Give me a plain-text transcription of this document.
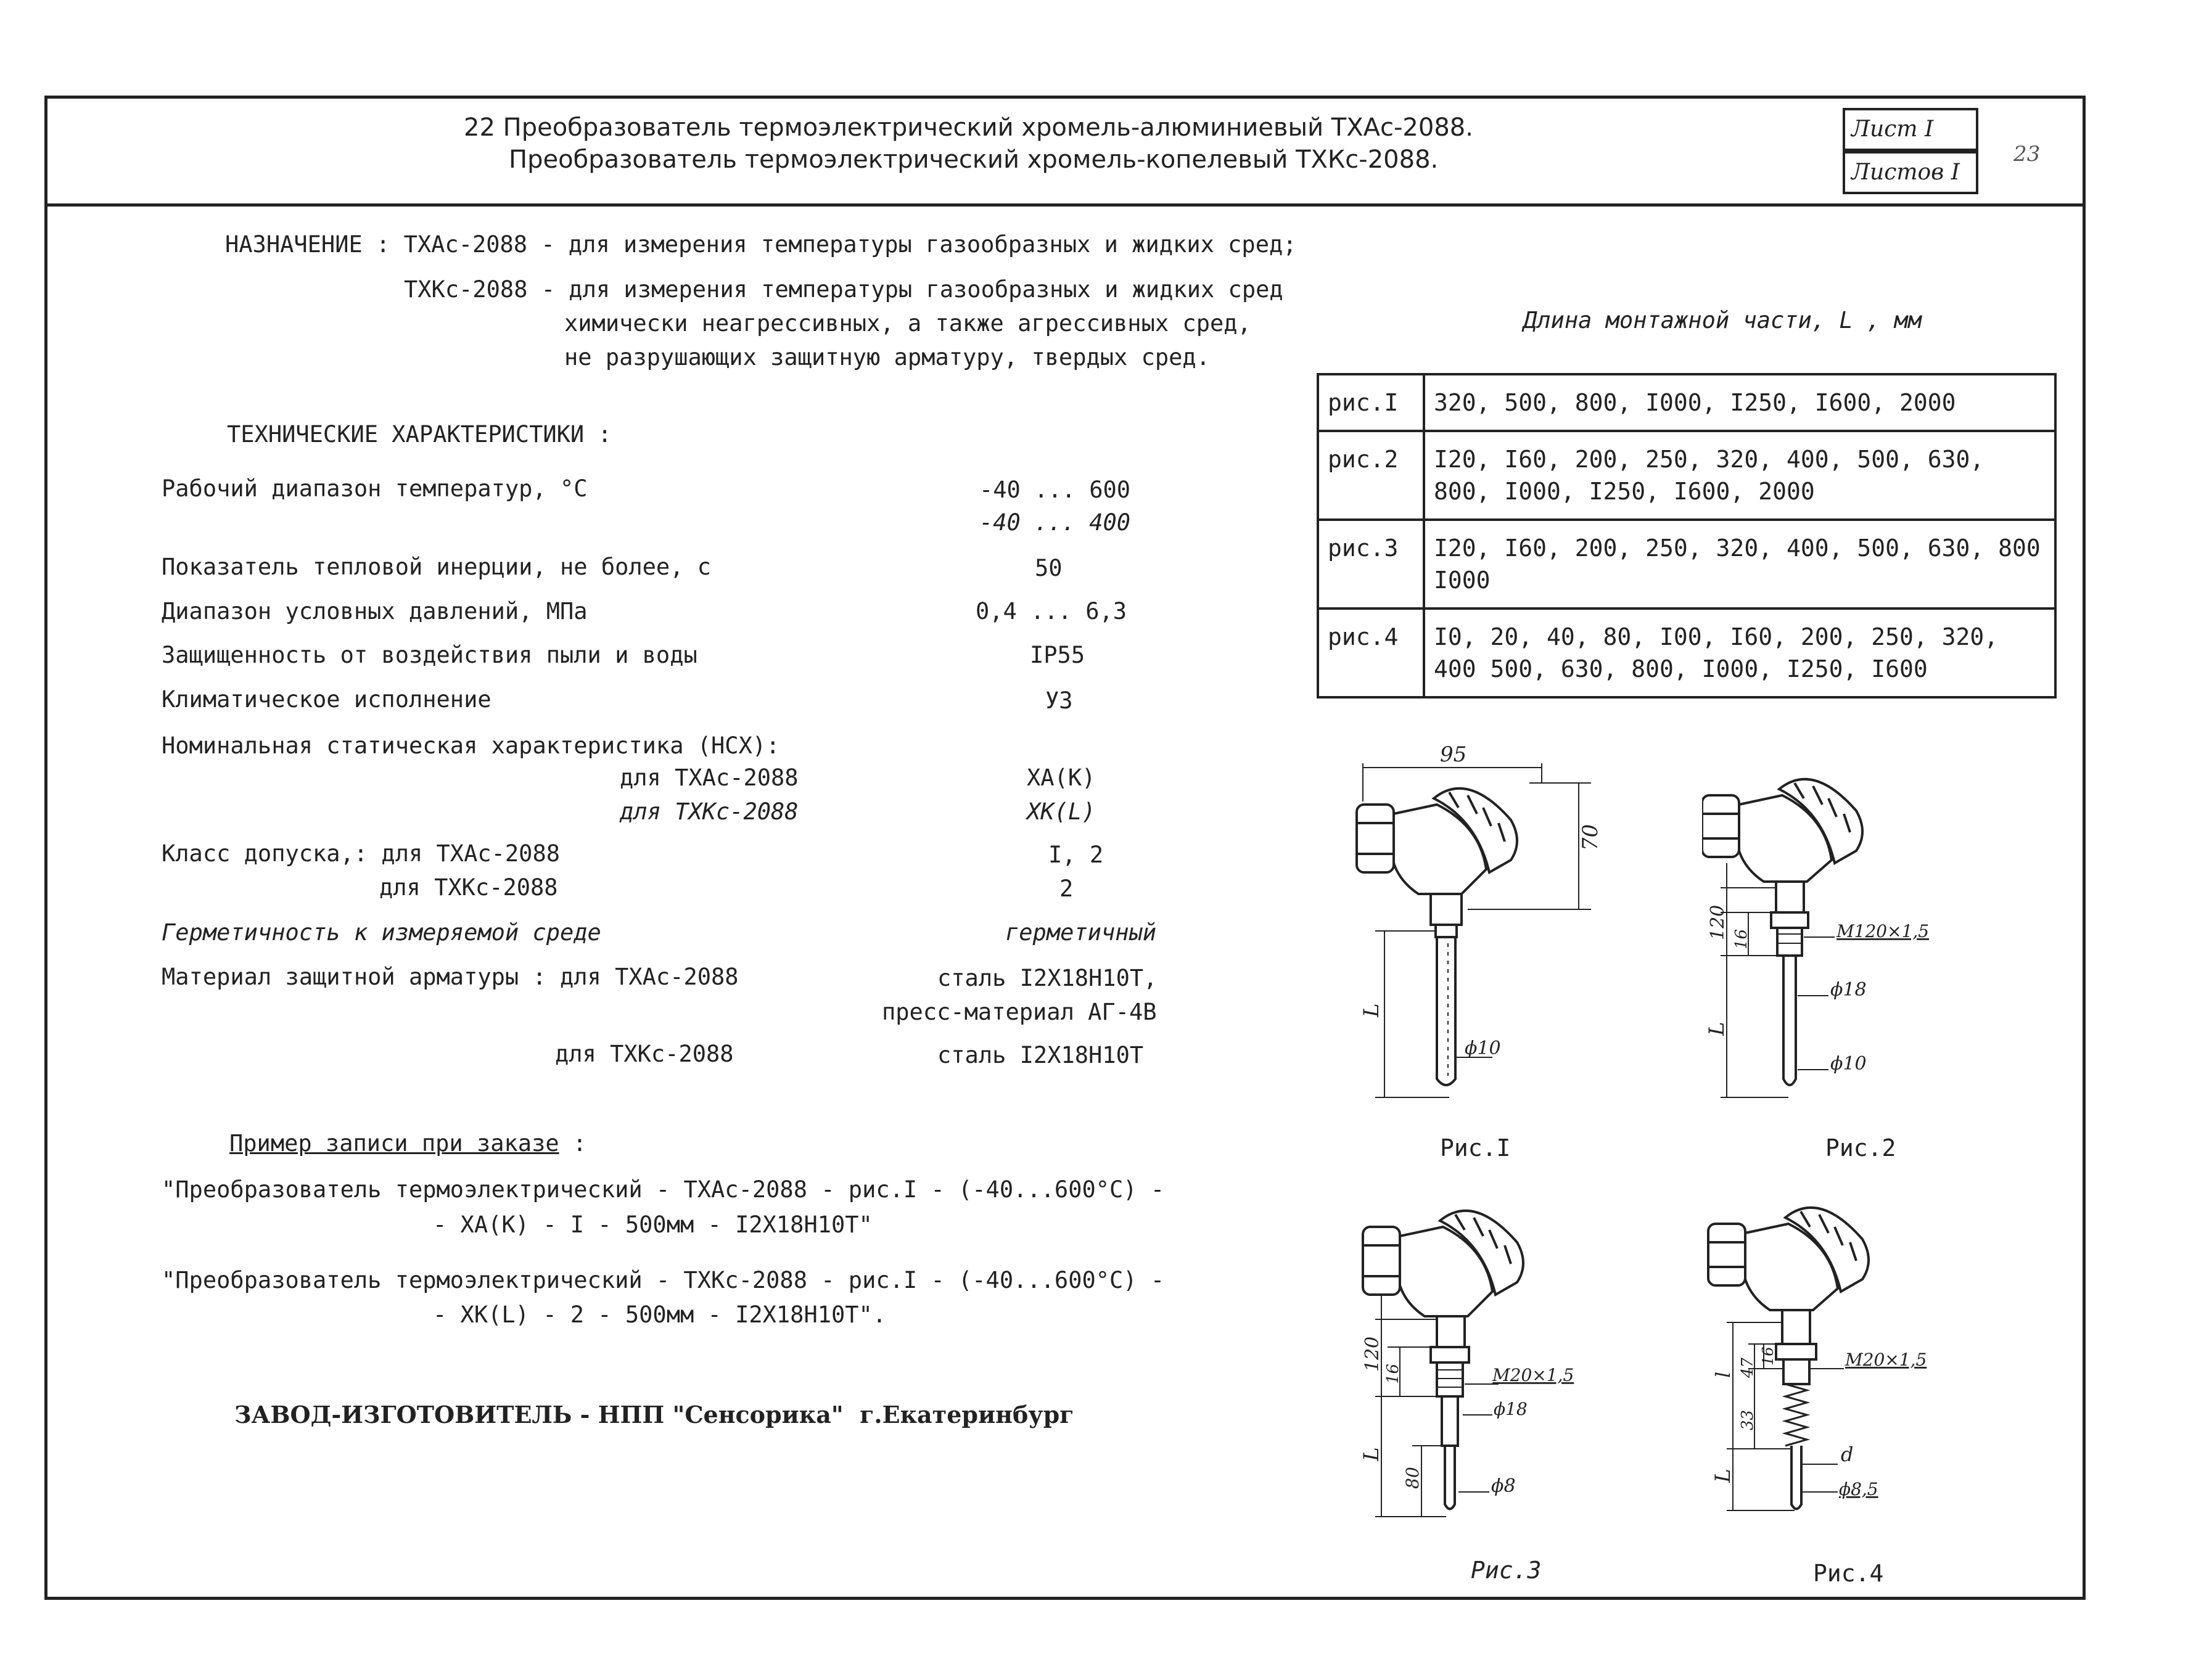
22 Преобразователь термоэлектрический хромель-алюминиевый ТХАс-2088.
Преобразователь термоэлектрический хромель-копелевый ТХКс-2088.
Лист I
Листов I
23
НАЗНАЧЕНИЕ : ТХАс-2088 - для измерения температуры газообразных и жидких сред;
ТХКс-2088 - для измерения температуры газообразных и жидких сред
химически неагрессивных, а также агрессивных сред,
не разрушающих защитную арматуру, твердых сред.
ТЕХНИЧЕСКИЕ ХАРАКТЕРИСТИКИ :
Рабочий диапазон температур, °С	-40 ... 600
-40 ... 400
Показатель тепловой инерции, не более, с	50
Диапазон условных давлений, МПа	0,4 ... 6,3
Защищенность от воздействия пыли и воды	IP55
Климатическое исполнение	У3
Номинальная статическая характеристика (НСХ):
для ТХАс-2088	ХА(К)
для ТХКс-2088	ХК(L)
Класс допуска,: для ТХАс-2088	I, 2
для ТХКс-2088	2
Герметичность к измеряемой среде	герметичный
Материал защитной арматуры : для ТХАс-2088	сталь I2Х18Н10Т,
пресс-материал АГ-4В
для ТХКс-2088	сталь I2Х18Н10Т
Пример записи при заказе :
"Преобразователь термоэлектрический - ТХАс-2088 - рис.I - (-40...600°С) -
- ХА(К) - I - 500мм - I2Х18Н10Т"
"Преобразователь термоэлектрический - ТХКс-2088 - рис.I - (-40...600°С) -
- ХК(L) - 2 - 500мм - I2Х18Н10Т".
ЗАВОД-ИЗГОТОВИТЕЛЬ - НПП "Сенсорика"  г.Екатеринбург
Длина монтажной части, L , мм
рис.I	320, 500, 800, I000, I250, I600, 2000
рис.2	I20, I60, 200, 250, 320, 400, 500, 630, 800, I000, I250, I600, 2000
рис.3	I20, I60, 200, 250, 320, 400, 500, 630, 800 I000
рис.4	I0, 20, 40, 80, I00, I60, 200, 250, 320, 400 500, 630, 800, I000, I250, I600
95
70
L
ϕ10
Рис.I
120 16	M120×1,5
ϕ18
L
ϕ10
Рис.2
120
16	M20×1,5
ϕ18
L
80	ϕ8
Рис.3
l 47
16
33
M20×1,5
d
L
ϕ8,5
Рис.4
